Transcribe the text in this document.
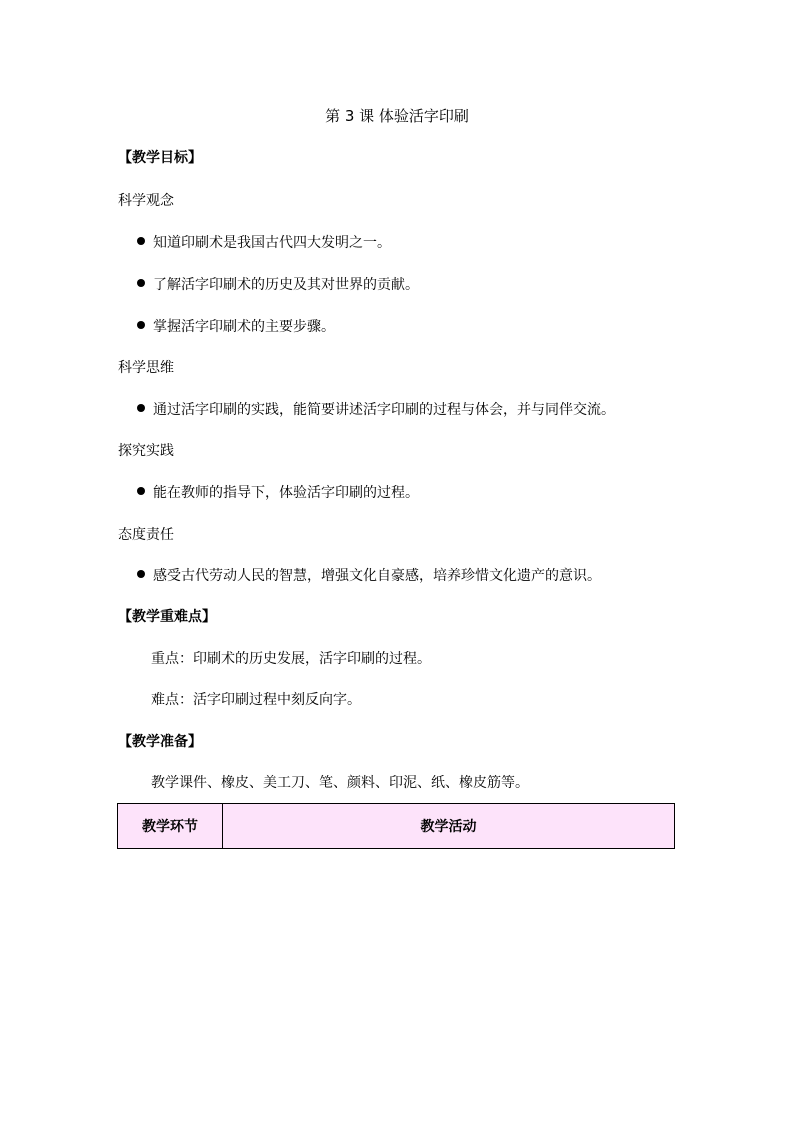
第 3 课 体验活字印刷
【教学目标】
科学观念
知道印刷术是我国古代四大发明之一。
了解活字印刷术的历史及其对世界的贡献。
掌握活字印刷术的主要步骤。
科学思维
通过活字印刷的实践，能简要讲述活字印刷的过程与体会，并与同伴交流。
探究实践
能在教师的指导下，体验活字印刷的过程。
态度责任
感受古代劳动人民的智慧，增强文化自豪感，培养珍惜文化遗产的意识。
【教学重难点】
重点：印刷术的历史发展，活字印刷的过程。
难点：活字印刷过程中刻反向字。
【教学准备】
教学课件、橡皮、美工刀、笔、颜料、印泥、纸、橡皮筋等。
教学环节	教学活动
